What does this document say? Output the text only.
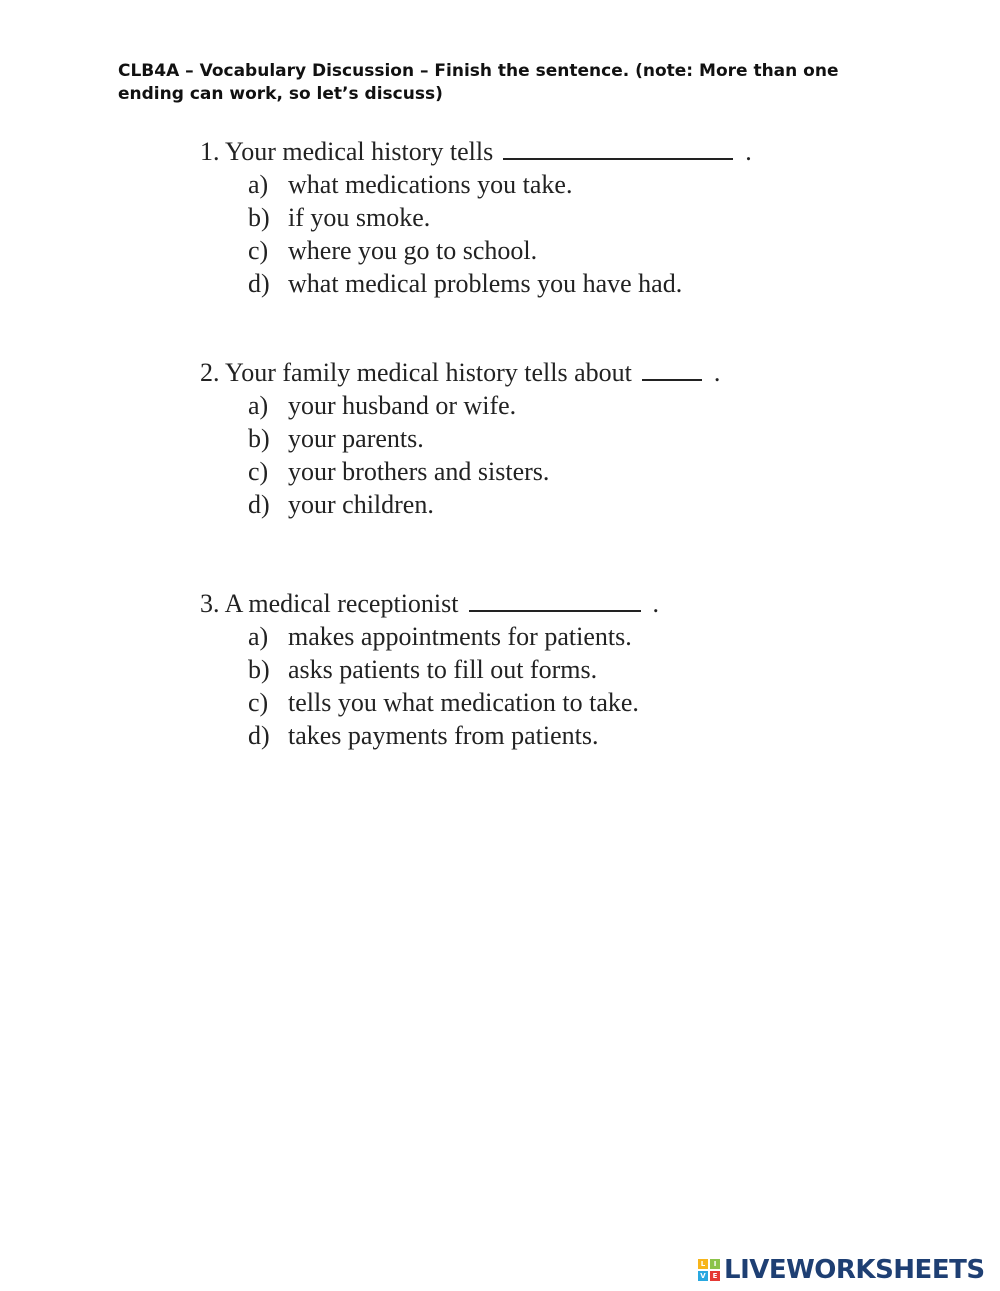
CLB4A – Vocabulary Discussion – Finish the sentence. (note: More than one ending can work, so let’s discuss)

1. Your medical history tells	.
a) what medications you take.
b) if you smoke.
c) where you go to school.
d) what medical problems you have had.
2. Your family medical history tells about	.
a) your husband or wife.
b) your parents.
c) your brothers and sisters.
d) your children.
3. A medical receptionist	.
a) makes appointments for patients.
b) asks patients to fill out forms.
c) tells you what medication to take.
d) takes payments from patients.
L	I
V E LIVEWORKSHEETS
